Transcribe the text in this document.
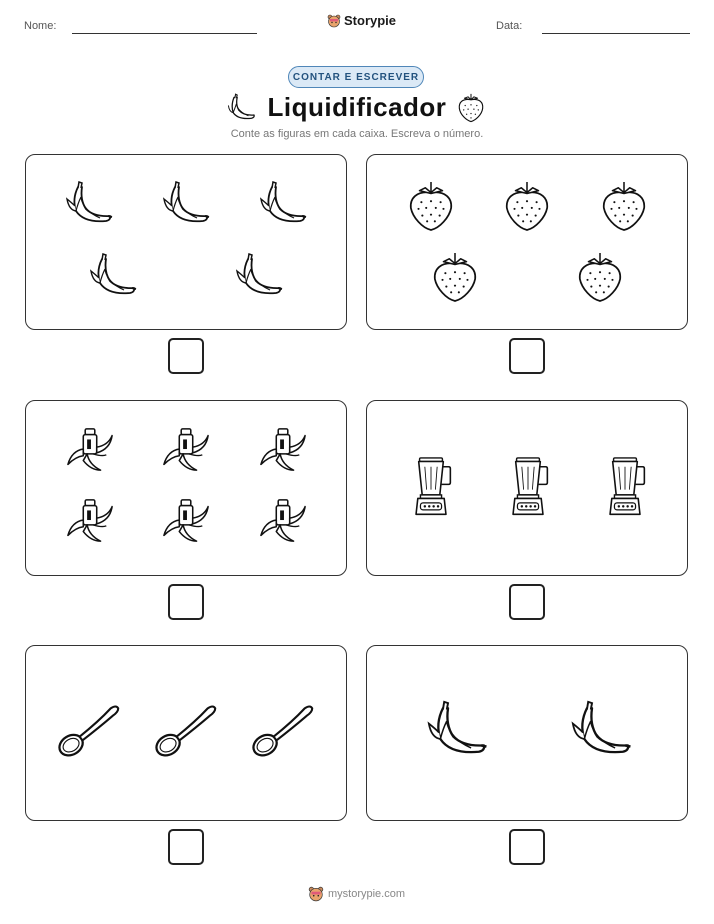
Nome:	Storypie	Data:
CONTAR E ESCREVER
Liquidificador
Conte as figuras em cada caixa. Escreva o número.
mystorypie.com
